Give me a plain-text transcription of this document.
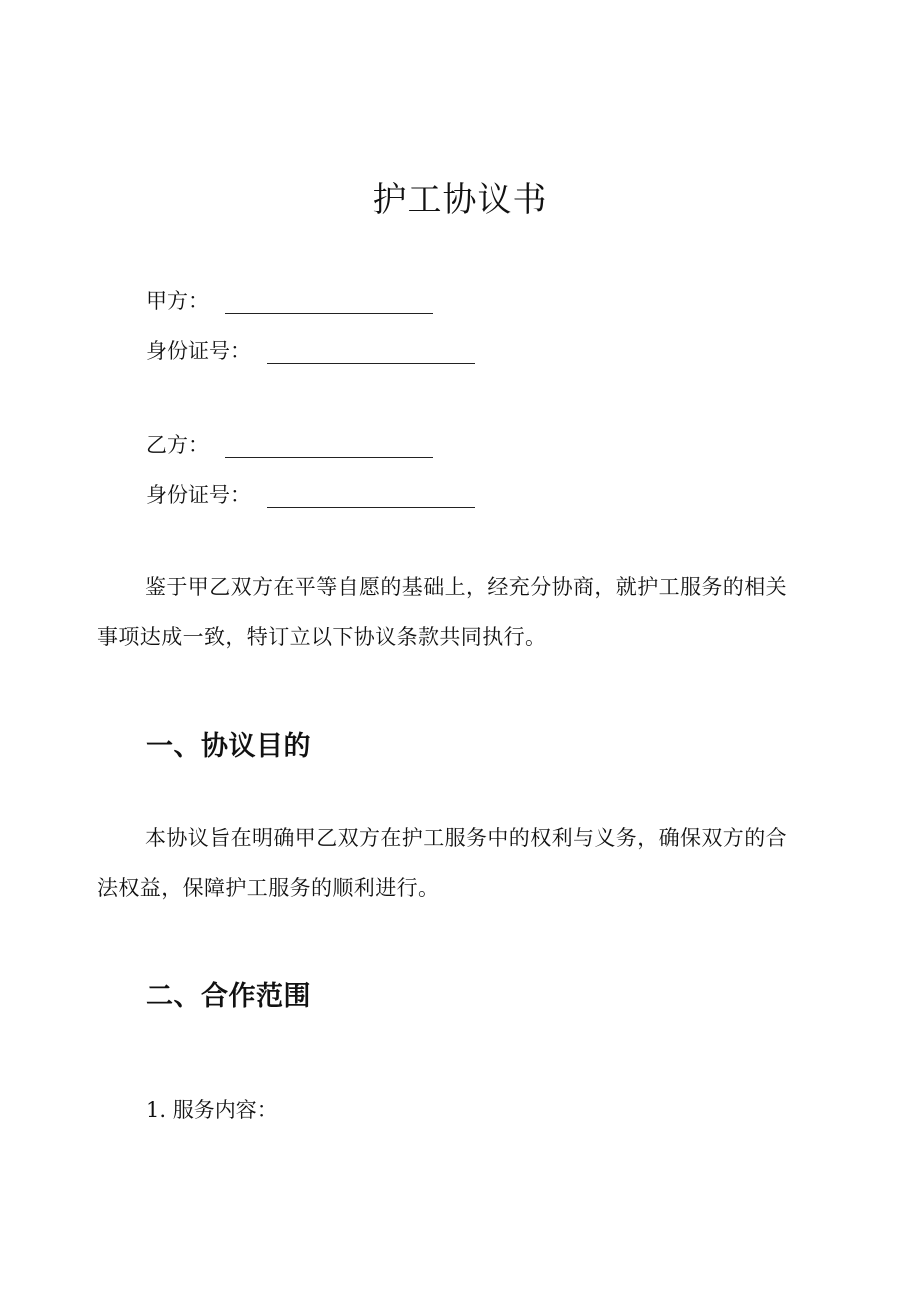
护工协议书
甲方：
身份证号：
乙方：
身份证号：

鉴于甲乙双方在平等自愿的基础上，经充分协商，就护工服务的相关事项达成一致，特订立以下协议条款共同执行。

一、协议目的

本协议旨在明确甲乙双方在护工服务中的权利与义务，确保双方的合法权益，保障护工服务的顺利进行。

二、合作范围

1. 服务内容：
